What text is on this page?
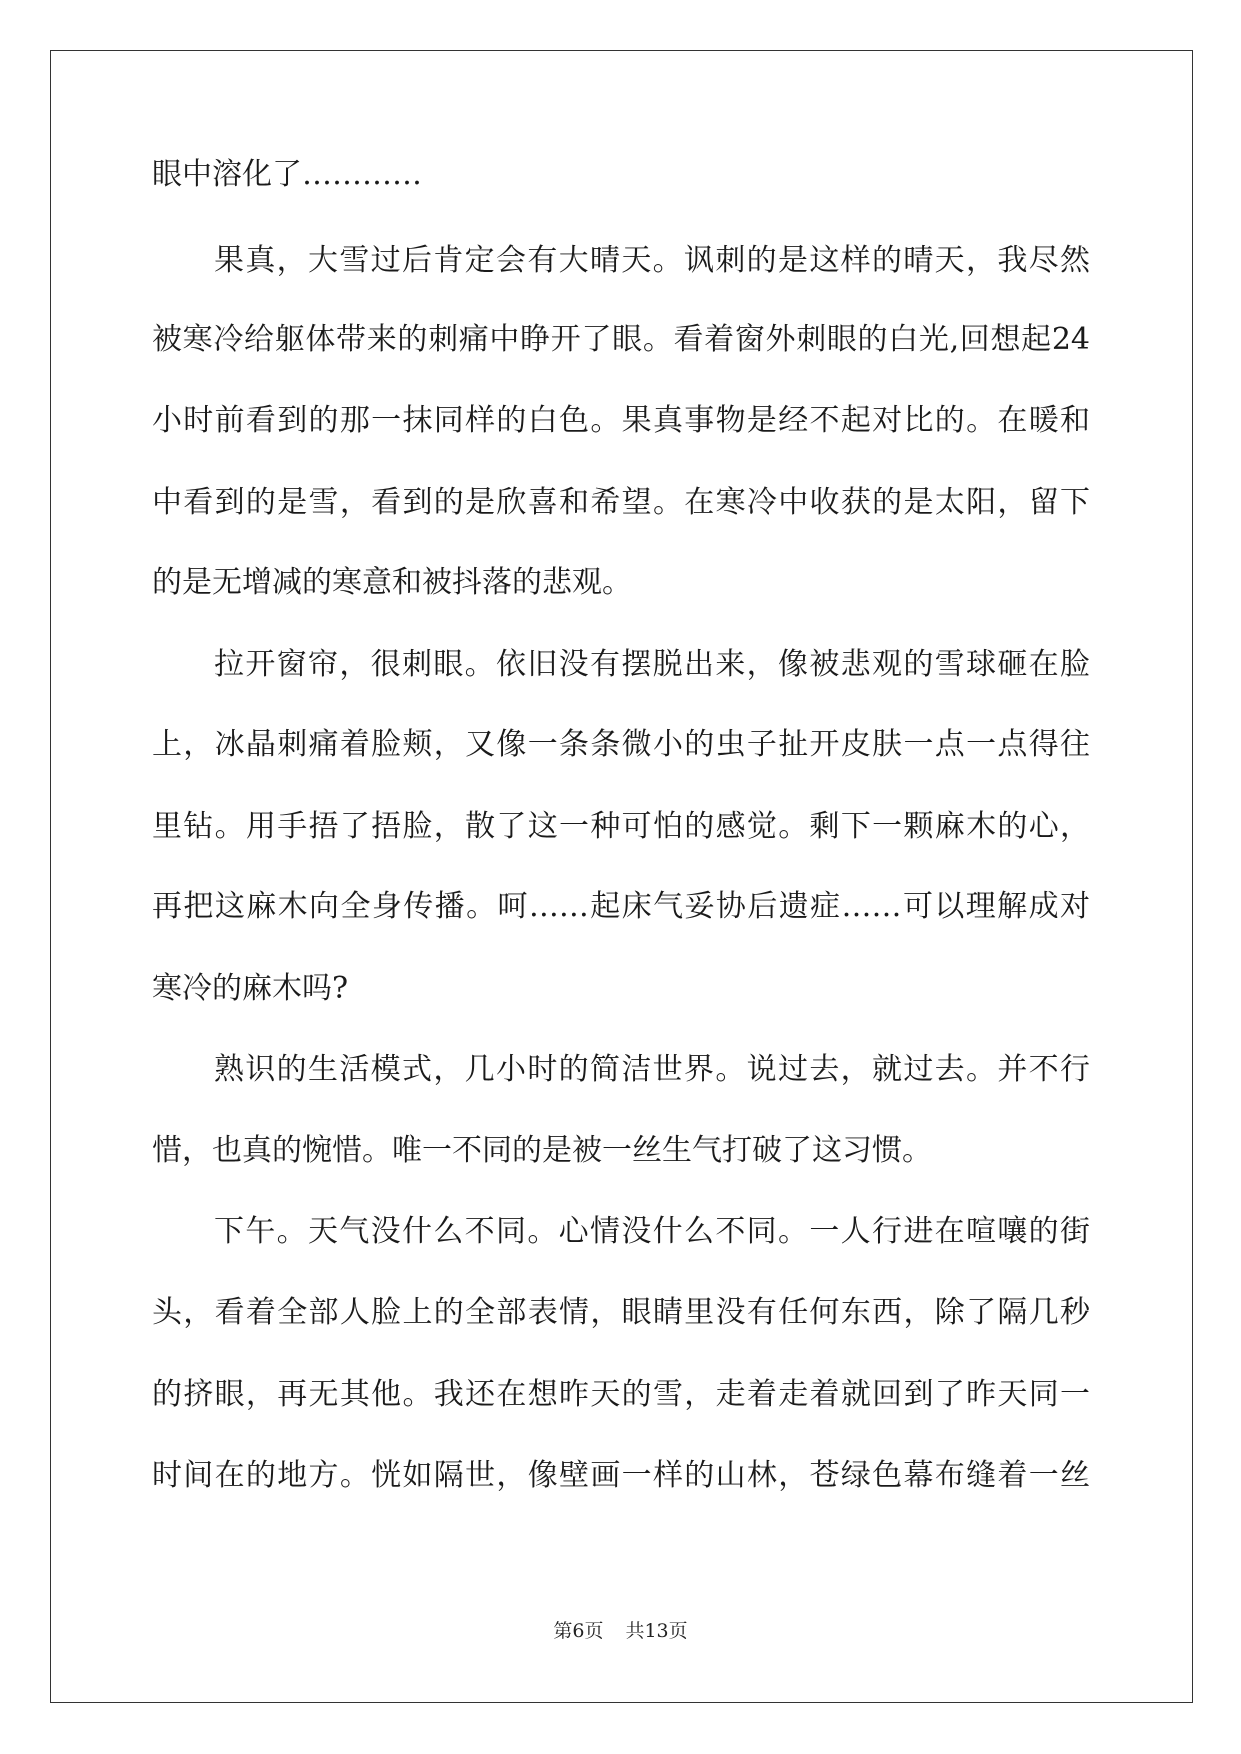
眼中溶化了…………
果真，大雪过后肯定会有大晴天。讽刺的是这样的晴天，我尽然
被寒冷给躯体带来的刺痛中睁开了眼。看着窗外刺眼的白光,回想起24
小时前看到的那一抹同样的白色。果真事物是经不起对比的。在暖和
中看到的是雪，看到的是欣喜和希望。在寒冷中收获的是太阳，留下
的是无增减的寒意和被抖落的悲观。
拉开窗帘，很刺眼。依旧没有摆脱出来，像被悲观的雪球砸在脸
上，冰晶刺痛着脸颊，又像一条条微小的虫子扯开皮肤一点一点得往
里钻。用手捂了捂脸，散了这一种可怕的感觉。剩下一颗麻木的心，
再把这麻木向全身传播。呵……起床气妥协后遗症……可以理解成对
寒冷的麻木吗?
熟识的生活模式，几小时的简洁世界。说过去，就过去。并不行
惜，也真的惋惜。唯一不同的是被一丝生气打破了这习惯。
下午。天气没什么不同。心情没什么不同。一人行进在喧嚷的街
头，看着全部人脸上的全部表情，眼睛里没有任何东西，除了隔几秒
的挤眼，再无其他。我还在想昨天的雪，走着走着就回到了昨天同一
时间在的地方。恍如隔世，像壁画一样的山林，苍绿色幕布缝着一丝
第6页 共13页
